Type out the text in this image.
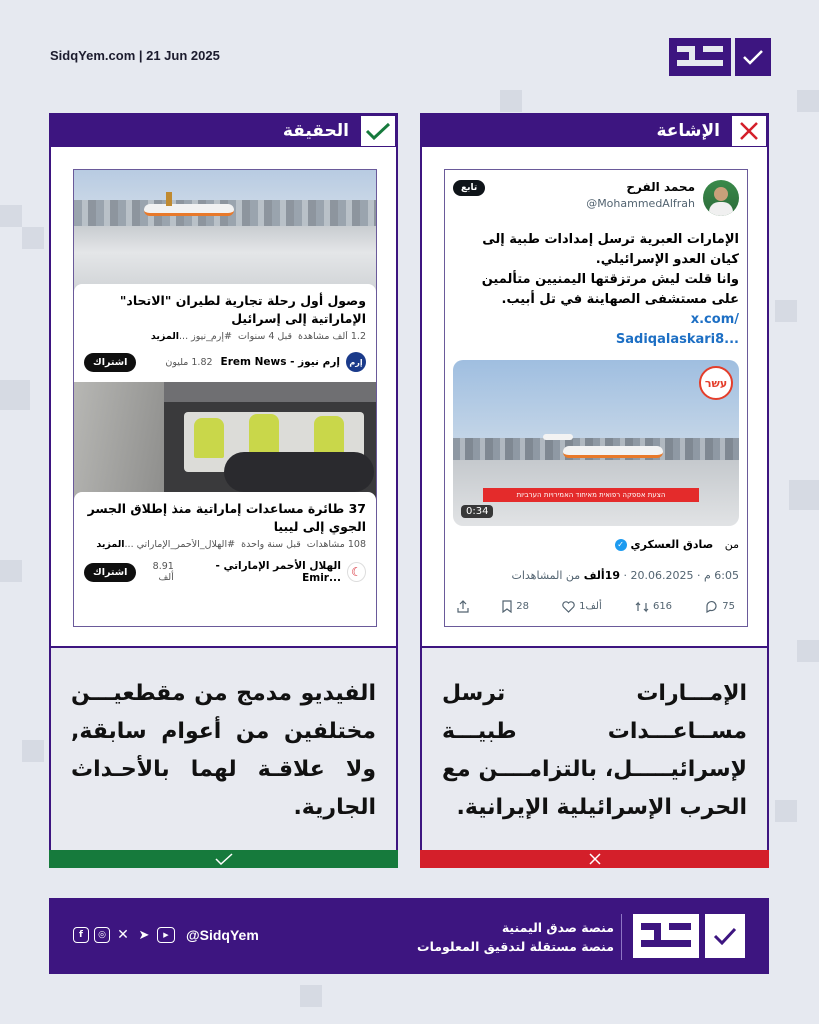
SidqYem.com | 21 Jun 2025
الحقيقة
وصول أول رحلة تجارية لطيران "الاتحاد" الإماراتية إلى إسرائيل
1.2 ألف مشاهدة  قبل 4 سنوات  #إرم_نيوز ...المزيد
إرم
إرم نيوز - Erem News
1.82 مليون
اشتراك
37 طائرة مساعدات إماراتية منذ إطلاق الجسر الجوي إلى ليبيا
108 مشاهدات  قبل سنة واحدة  #الهلال_الأحمر_الإماراتي ...المزيد
☾
الهلال الأحمر الإماراتي - ...Emir
8.91 ألف
اشتراك
الفيديو مدمج من مقطعيـــن مختلفين من أعوام سابقة, ولا علاقـة لهما بالأحـداث الجارية.
الإشاعة
محمد الفرح
@MohammedAlfrah
تابع
الإمارات العبرية ترسل إمدادات طبية إلى كيان العدو الإسرائيلي.
وانا قلت ليش مرتزقتها اليمنيين متألمين على مستشفى الصهاينة في تل أبيب.
x.com/
Sadiqalaskari8...
עשר
הצעת אספקה רפואית מאיחוד האמירויות הערביות
0:34
من

صادق العسكري
✓
6:05 م · 20.06.2025 · 19ألف من المشاهدات
75
616
1ألف
28
الإمـــارات ترسل مســاعـــدات طبيـــة لإسرائيـــــل، بالتزامــــن مع الحرب الإسرائيلية الإيرانية.
f	◎ ✕ ➤	▶	@SidqYem	منصة صدق اليمنية
منصة مستقلة لتدقيق المعلومات
